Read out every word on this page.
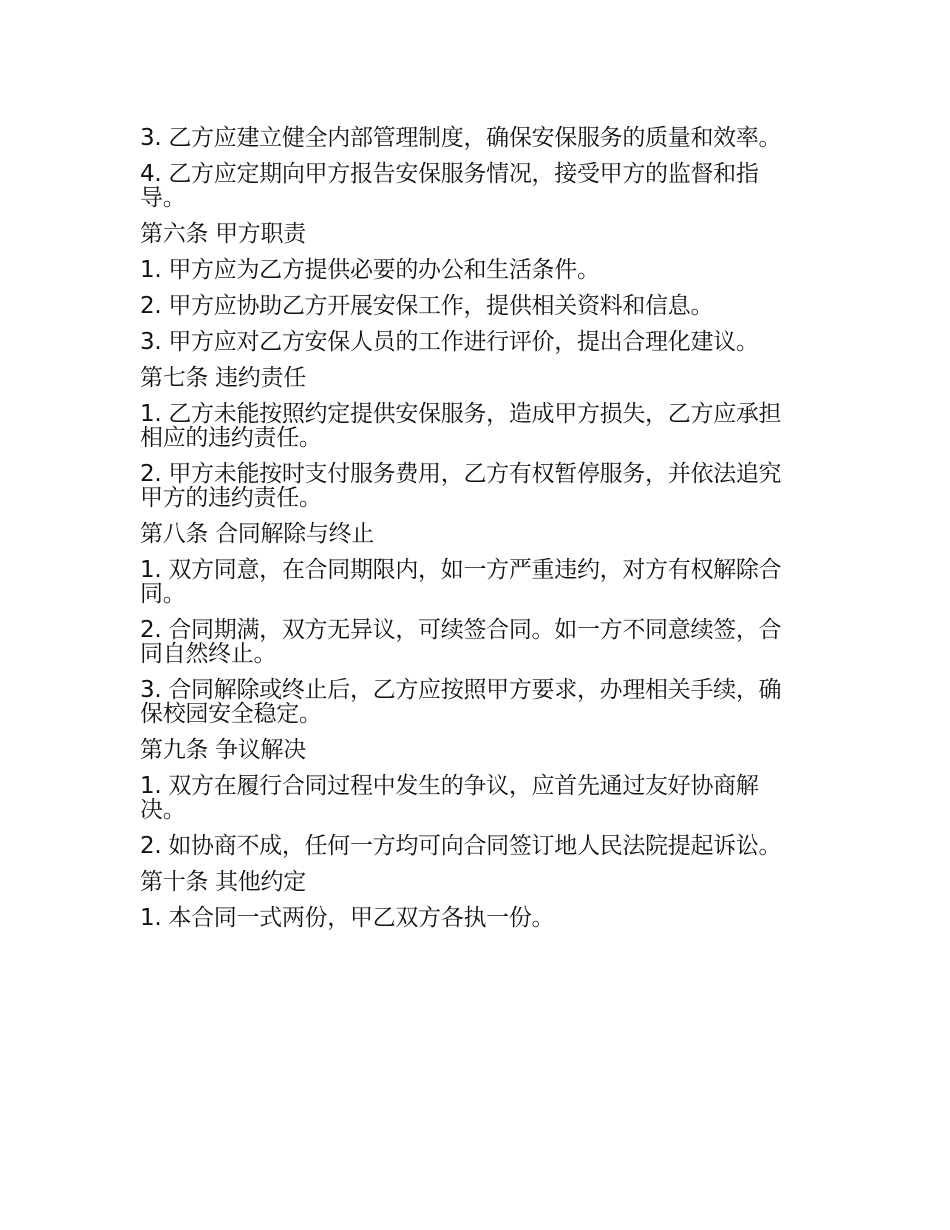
3. 乙方应建立健全内部管理制度，确保安保服务的质量和效率。

4. 乙方应定期向甲方报告安保服务情况，接受甲方的监督和指导。

第六条 甲方职责

1. 甲方应为乙方提供必要的办公和生活条件。

2. 甲方应协助乙方开展安保工作，提供相关资料和信息。

3. 甲方应对乙方安保人员的工作进行评价，提出合理化建议。

第七条 违约责任

1. 乙方未能按照约定提供安保服务，造成甲方损失，乙方应承担相应的违约责任。

2. 甲方未能按时支付服务费用，乙方有权暂停服务，并依法追究甲方的违约责任。

第八条 合同解除与终止

1. 双方同意，在合同期限内，如一方严重违约，对方有权解除合同。

2. 合同期满，双方无异议，可续签合同。如一方不同意续签，合同自然终止。

3. 合同解除或终止后，乙方应按照甲方要求，办理相关手续，确保校园安全稳定。

第九条 争议解决

1. 双方在履行合同过程中发生的争议，应首先通过友好协商解决。

2. 如协商不成，任何一方均可向合同签订地人民法院提起诉讼。

第十条 其他约定

1. 本合同一式两份，甲乙双方各执一份。
